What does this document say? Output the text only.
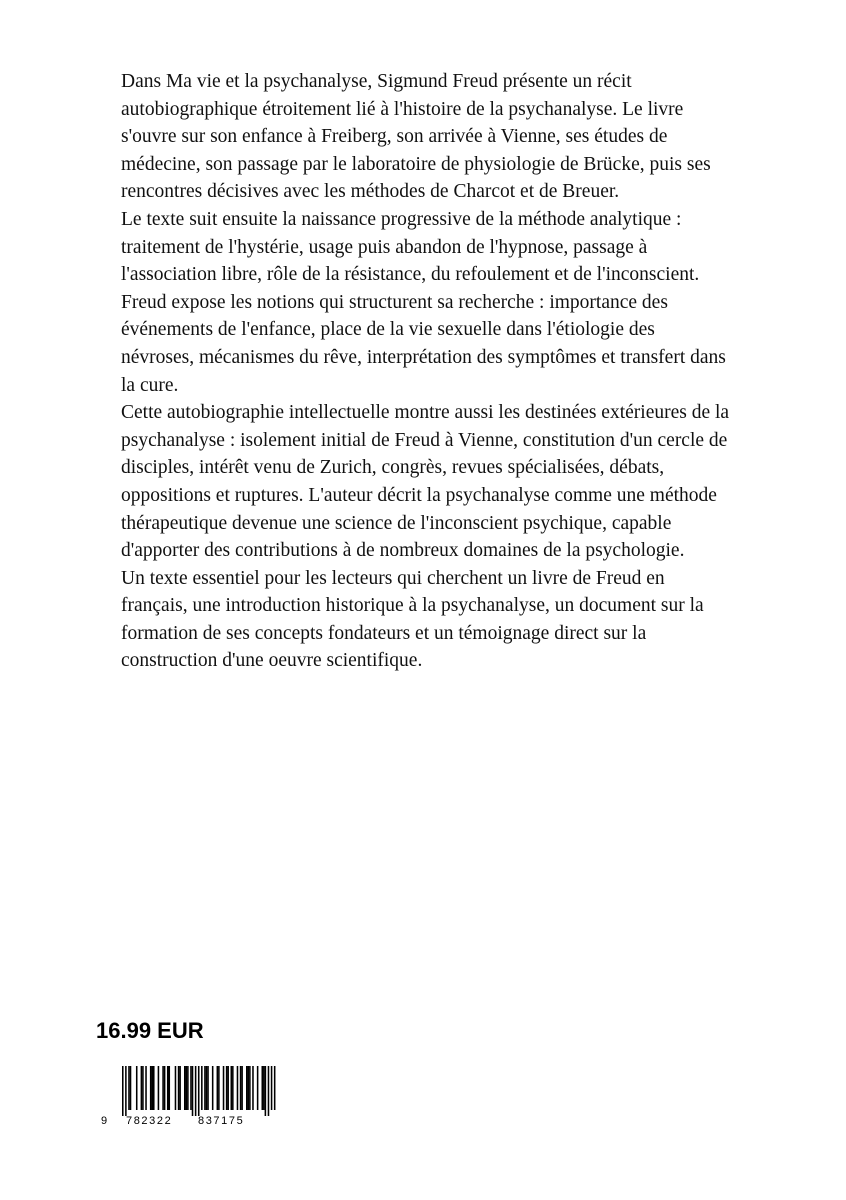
Dans Ma vie et la psychanalyse, Sigmund Freud présente un récit autobiographique étroitement lié à l'histoire de la psychanalyse. Le livre s'ouvre sur son enfance à Freiberg, son arrivée à Vienne, ses études de médecine, son passage par le laboratoire de physiologie de Brücke, puis ses rencontres décisives avec les méthodes de Charcot et de Breuer.

Le texte suit ensuite la naissance progressive de la méthode analytique : traitement de l'hystérie, usage puis abandon de l'hypnose, passage à l'association libre, rôle de la résistance, du refoulement et de l'inconscient. Freud expose les notions qui structurent sa recherche : importance des événements de l'enfance, place de la vie sexuelle dans l'étiologie des névroses, mécanismes du rêve, interprétation des symptômes et transfert dans la cure.

Cette autobiographie intellectuelle montre aussi les destinées extérieures de la psychanalyse : isolement initial de Freud à Vienne, constitution d'un cercle de disciples, intérêt venu de Zurich, congrès, revues spécialisées, débats, oppositions et ruptures. L'auteur décrit la psychanalyse comme une méthode thérapeutique devenue une science de l'inconscient psychique, capable d'apporter des contributions à de nombreux domaines de la psychologie.

Un texte essentiel pour les lecteurs qui cherchent un livre de Freud en français, une introduction historique à la psychanalyse, un document sur la formation de ses concepts fondateurs et un témoignage direct sur la construction d'une oeuvre scientifique.

16.99 EUR
9 782322 837175
